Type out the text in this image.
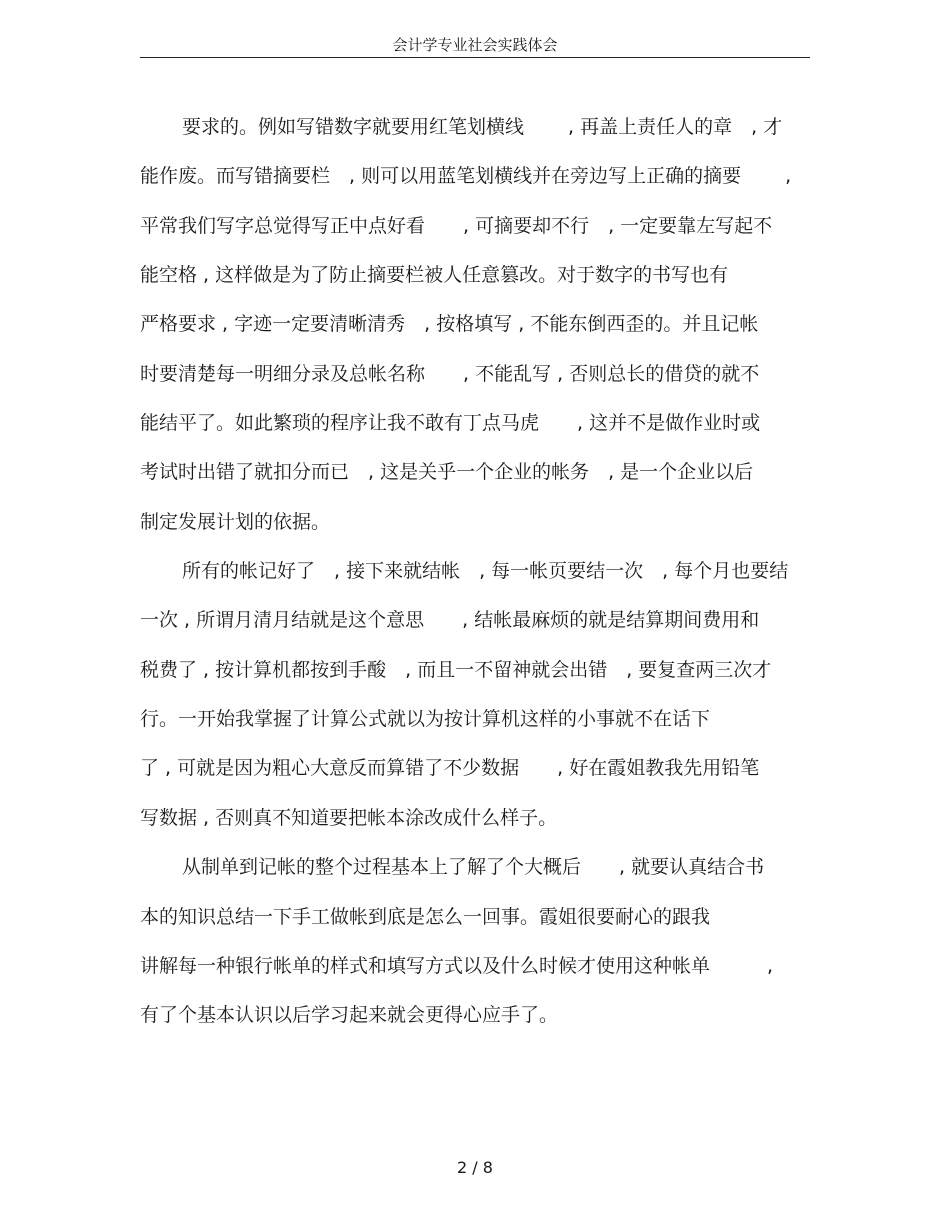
会计学专业社会实践体会
要求的。例如写错数字就要用红笔划横线　　 , 再盖上责任人的章　, 才
能作废。而写错摘要栏　, 则可以用蓝笔划横线并在旁边写上正确的摘要　　 ,
平常我们写字总觉得写正中点好看　　, 可摘要却不行　, 一定要靠左写起不
能空格 , 这样做是为了防止摘要栏被人任意篡改。对于数字的书写也有
严格要求 , 字迹一定要清晰清秀　, 按格填写 , 不能东倒西歪的。并且记帐
时要清楚每一明细分录及总帐名称　　, 不能乱写 , 否则总长的借贷的就不
能结平了。如此繁琐的程序让我不敢有丁点马虎　　, 这并不是做作业时或
考试时出错了就扣分而已　, 这是关乎一个企业的帐务　, 是一个企业以后
制定发展计划的依据。
所有的帐记好了　, 接下来就结帐　, 每一帐页要结一次　, 每个月也要结
一次 , 所谓月清月结就是这个意思　　, 结帐最麻烦的就是结算期间费用和
税费了 , 按计算机都按到手酸　, 而且一不留神就会出错　, 要复查两三次才
行。一开始我掌握了计算公式就以为按计算机这样的小事就不在话下
了 , 可就是因为粗心大意反而算错了不少数据　　, 好在霞姐教我先用铅笔
写数据 , 否则真不知道要把帐本涂改成什么样子。
从制单到记帐的整个过程基本上了解了个大概后　　, 就要认真结合书
本的知识总结一下手工做帐到底是怎么一回事。霞姐很要耐心的跟我
讲解每一种银行帐单的样式和填写方式以及什么时候才使用这种帐单　　　,
有了个基本认识以后学习起来就会更得心应手了。
2 / 8
